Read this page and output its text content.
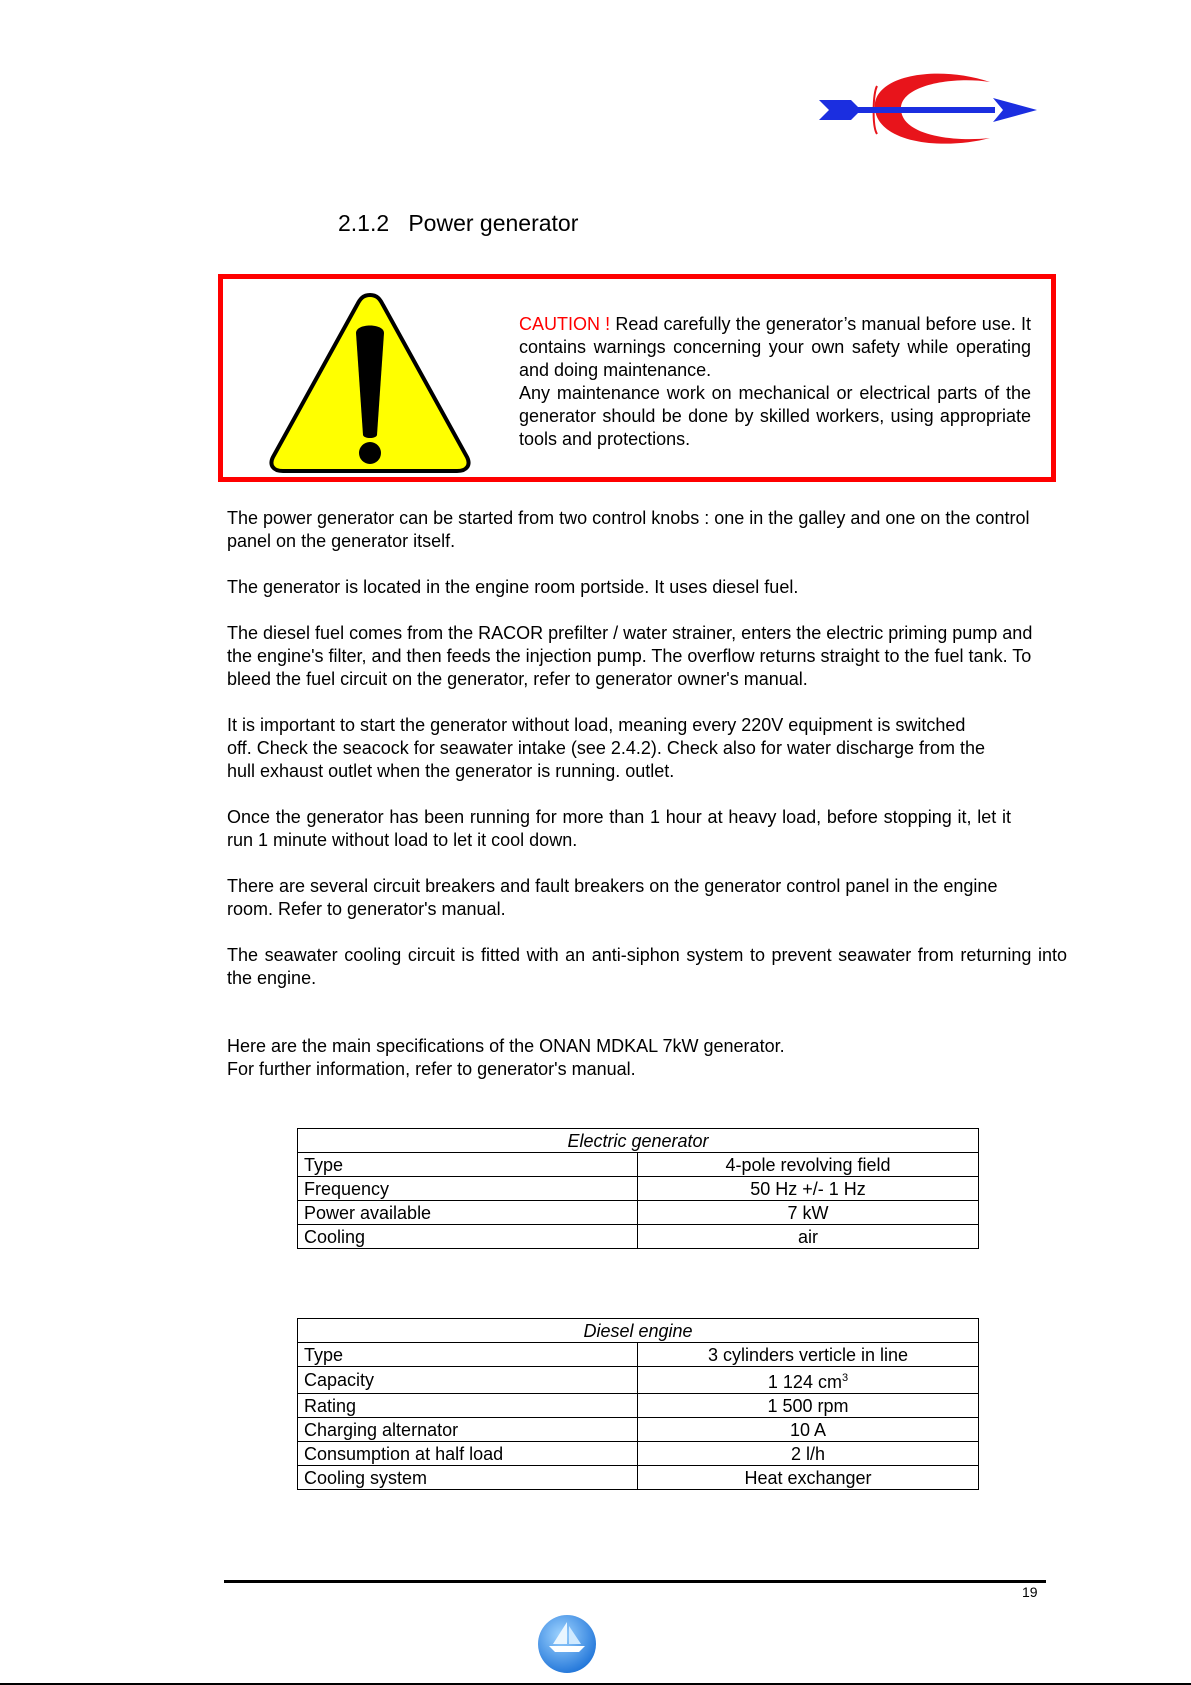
2.1.2 Power generator
CAUTION ! Read carefully the generator’s manual before use. It contains warnings concerning your own safety while operating and doing maintenance.
Any maintenance work on mechanical or electrical parts of the generator should be done by skilled workers, using appropriate tools and protections.

The power generator can be started from two control knobs : one in the galley and one on the control panel on the generator itself.

The generator is located in the engine room portside. It uses diesel fuel.

The diesel fuel comes from the RACOR prefilter / water strainer, enters the electric priming pump and the engine's filter, and then feeds the injection pump. The overflow returns straight to the fuel tank. To bleed the fuel circuit on the generator, refer to generator owner's manual.

It is important to start the generator without load, meaning every 220V equipment is switched off. Check the seacock for seawater intake (see 2.4.2). Check also for water discharge from the hull exhaust outlet when the generator is running. outlet.

Once the generator has been running for more than 1 hour at heavy load, before stopping it, let it run 1 minute without load to let it cool down.

There are several circuit breakers and fault breakers on the generator control panel in the engine room. Refer to generator's manual.

The seawater cooling circuit is fitted with an anti-siphon system to prevent seawater from returning into the engine.

Here are the main specifications of the ONAN MDKAL 7kW generator.
For further information, refer to generator's manual.
Electric generator	
Type	4-pole revolving field
Frequency	50 Hz +/- 1 Hz
Power available	7 kW
Cooling	air
Diesel engine	
Type	3 cylinders verticle in line
Capacity	1 124 $cm^3$
Rating	1 500 rpm
Charging alternator	10 A
Consumption at half load	2 l/h
Cooling system	Heat exchanger
19
